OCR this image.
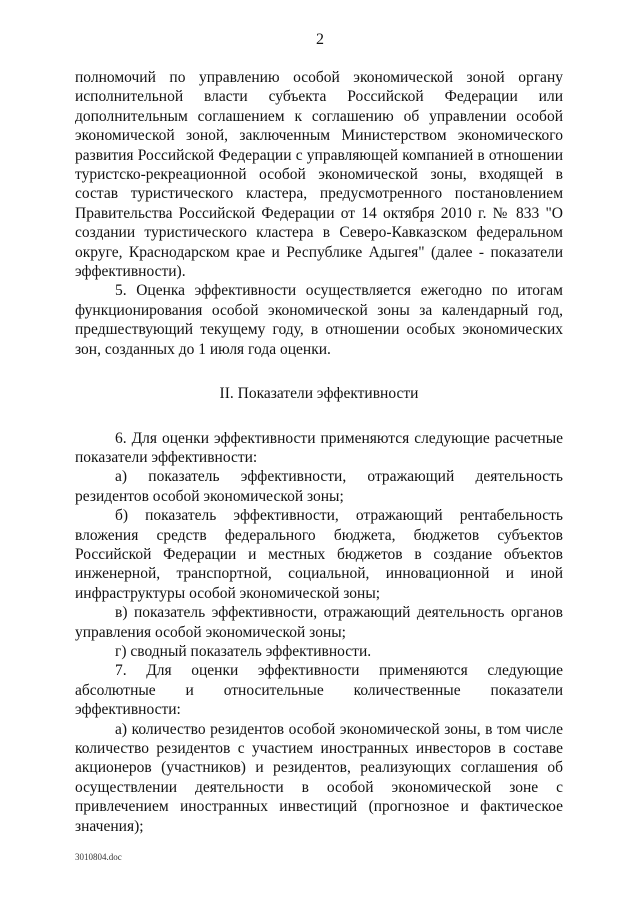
2

полномочий по управлению особой экономической зоной органу исполнительной власти субъекта Российской Федерации или дополнительным соглашением к соглашению об управлении особой экономической зоной, заключенным Министерством экономического развития Российской Федерации с управляющей компанией в отношении туристско-рекреационной особой экономической зоны, входящей в состав туристического кластера, предусмотренного постановлением Правительства Российской Федерации от 14 октября 2010 г. № 833 "О создании туристического кластера в Северо-Кавказском федеральном округе, Краснодарском крае и Республике Адыгея" (далее - показатели эффективности).

5. Оценка эффективности осуществляется ежегодно по итогам функционирования особой экономической зоны за календарный год, предшествующий текущему году, в отношении особых экономических зон, созданных до 1 июля года оценки.

II. Показатели эффективности

6. Для оценки эффективности применяются следующие расчетные показатели эффективности:

а) показатель эффективности, отражающий деятельность резидентов особой экономической зоны;

б) показатель эффективности, отражающий рентабельность вложения средств федерального бюджета, бюджетов субъектов Российской Федерации и местных бюджетов в создание объектов инженерной, транспортной, социальной, инновационной и иной инфраструктуры особой экономической зоны;

в) показатель эффективности, отражающий деятельность органов управления особой экономической зоны;

г) сводный показатель эффективности.

7. Для оценки эффективности применяются следующие абсолютные и относительные количественные показатели эффективности:

а) количество резидентов особой экономической зоны, в том числе количество резидентов с участием иностранных инвесторов в составе акционеров (участников) и резидентов, реализующих соглашения об осуществлении деятельности в особой экономической зоне с привлечением иностранных инвестиций (прогнозное и фактическое значения);

3010804.doc
